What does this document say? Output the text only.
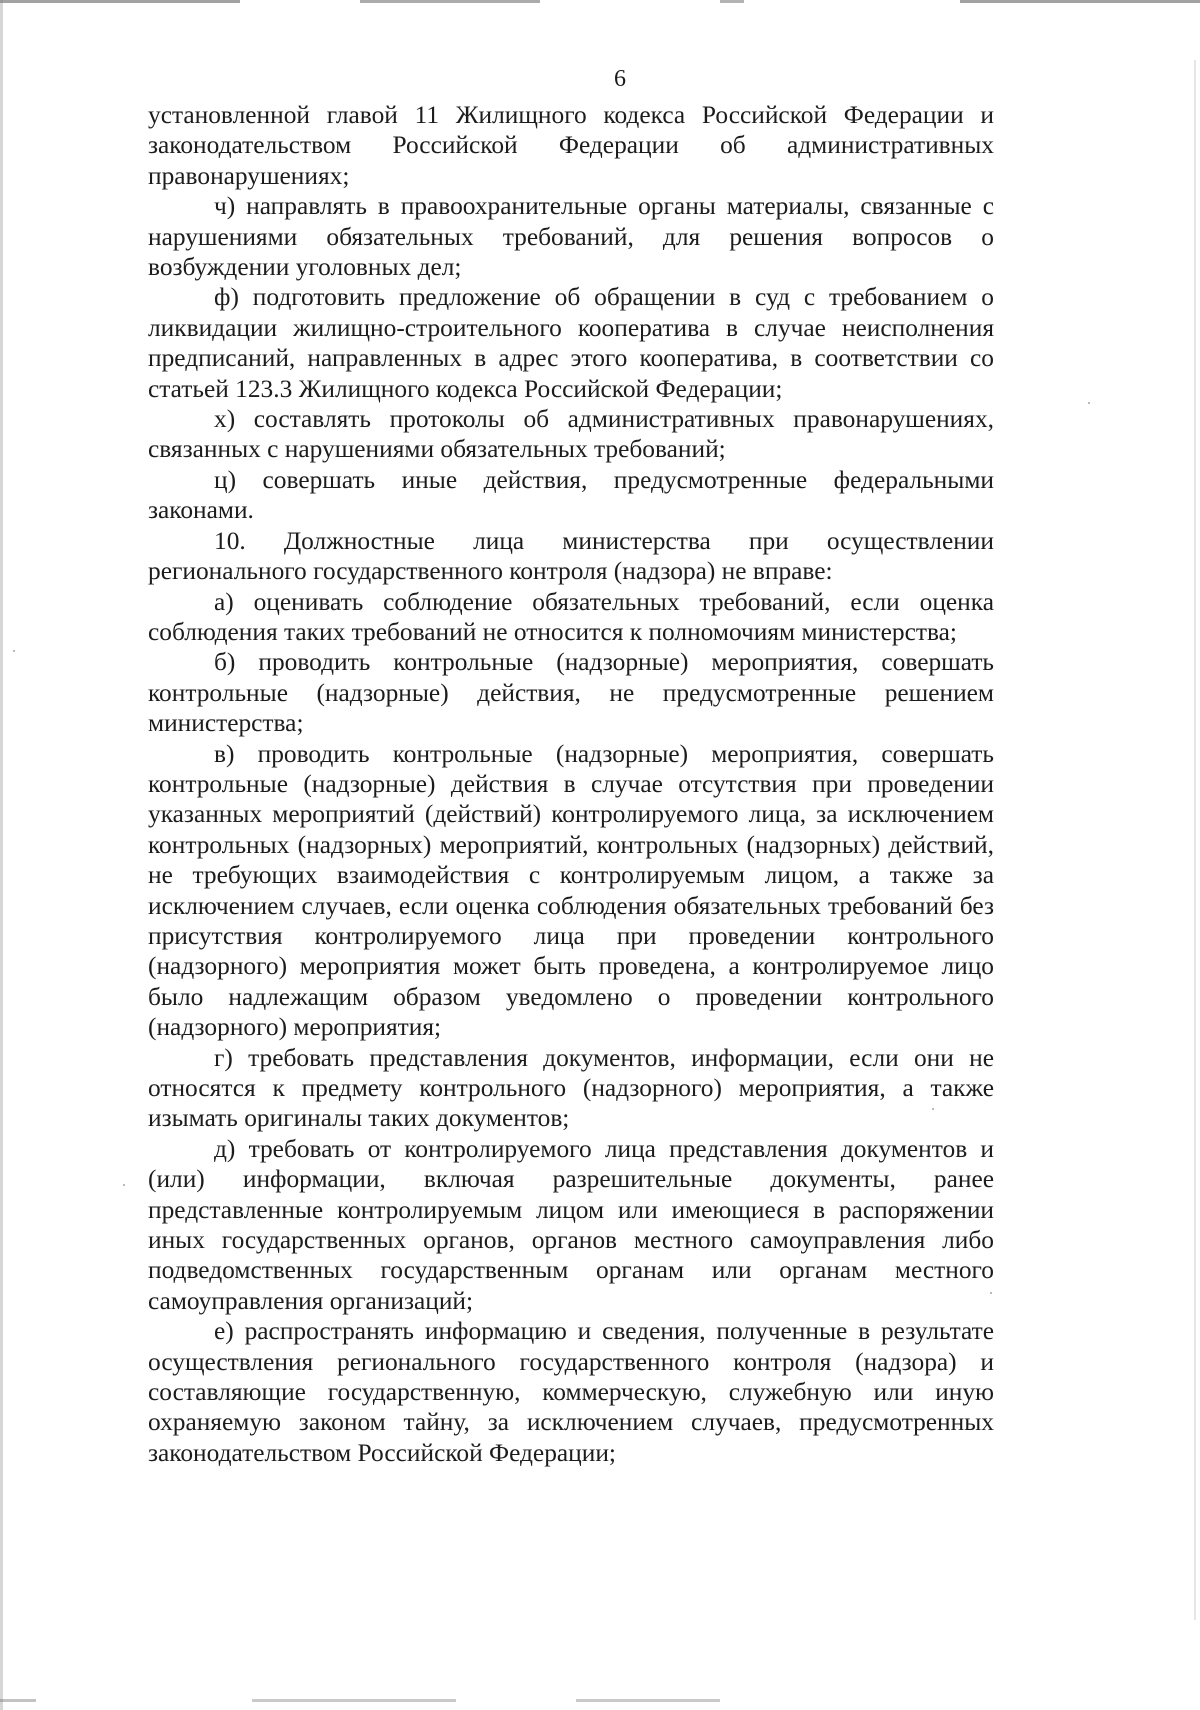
6

установленной главой 11 Жилищного кодекса Российской Федерации и законодательством Российской Федерации об административных правонарушениях;

ч) направлять в правоохранительные органы материалы, связанные с нарушениями обязательных требований, для решения вопросов о возбуждении уголовных дел;

ф) подготовить предложение об обращении в суд с требованием о ликвидации жилищно-строительного кооператива в случае неисполнения предписаний, направленных в адрес этого кооператива, в соответствии со статьей 123.3 Жилищного кодекса Российской Федерации;

х) составлять протоколы об административных правонарушениях, связанных с нарушениями обязательных требований;

ц) совершать иные действия, предусмотренные федеральными законами.

10. Должностные лица министерства при осуществлении регионального государственного контроля (надзора) не вправе:

а) оценивать соблюдение обязательных требований, если оценка соблюдения таких требований не относится к полномочиям министерства;

б) проводить контрольные (надзорные) мероприятия, совершать контрольные (надзорные) действия, не предусмотренные решением министерства;

в) проводить контрольные (надзорные) мероприятия, совершать контрольные (надзорные) действия в случае отсутствия при проведении указанных мероприятий (действий) контролируемого лица, за исключением контрольных (надзорных) мероприятий, контрольных (надзорных) действий, не требующих взаимодействия с контролируемым лицом, а также за исключением случаев, если оценка соблюдения обязательных требований без присутствия контролируемого лица при проведении контрольного (надзорного) мероприятия может быть проведена, а контролируемое лицо было надлежащим образом уведомлено о проведении контрольного (надзорного) мероприятия;

г) требовать представления документов, информации, если они не относятся к предмету контрольного (надзорного) мероприятия, а также изымать оригиналы таких документов;

д) требовать от контролируемого лица представления документов и (или) информации, включая разрешительные документы, ранее представленные контролируемым лицом или имеющиеся в распоряжении иных государственных органов, органов местного самоуправления либо подведомственных государственным органам или органам местного самоуправления организаций;

е) распространять информацию и сведения, полученные в результате осуществления регионального государственного контроля (надзора) и составляющие государственную, коммерческую, служебную или иную охраняемую законом тайну, за исключением случаев, предусмотренных законодательством Российской Федерации;
